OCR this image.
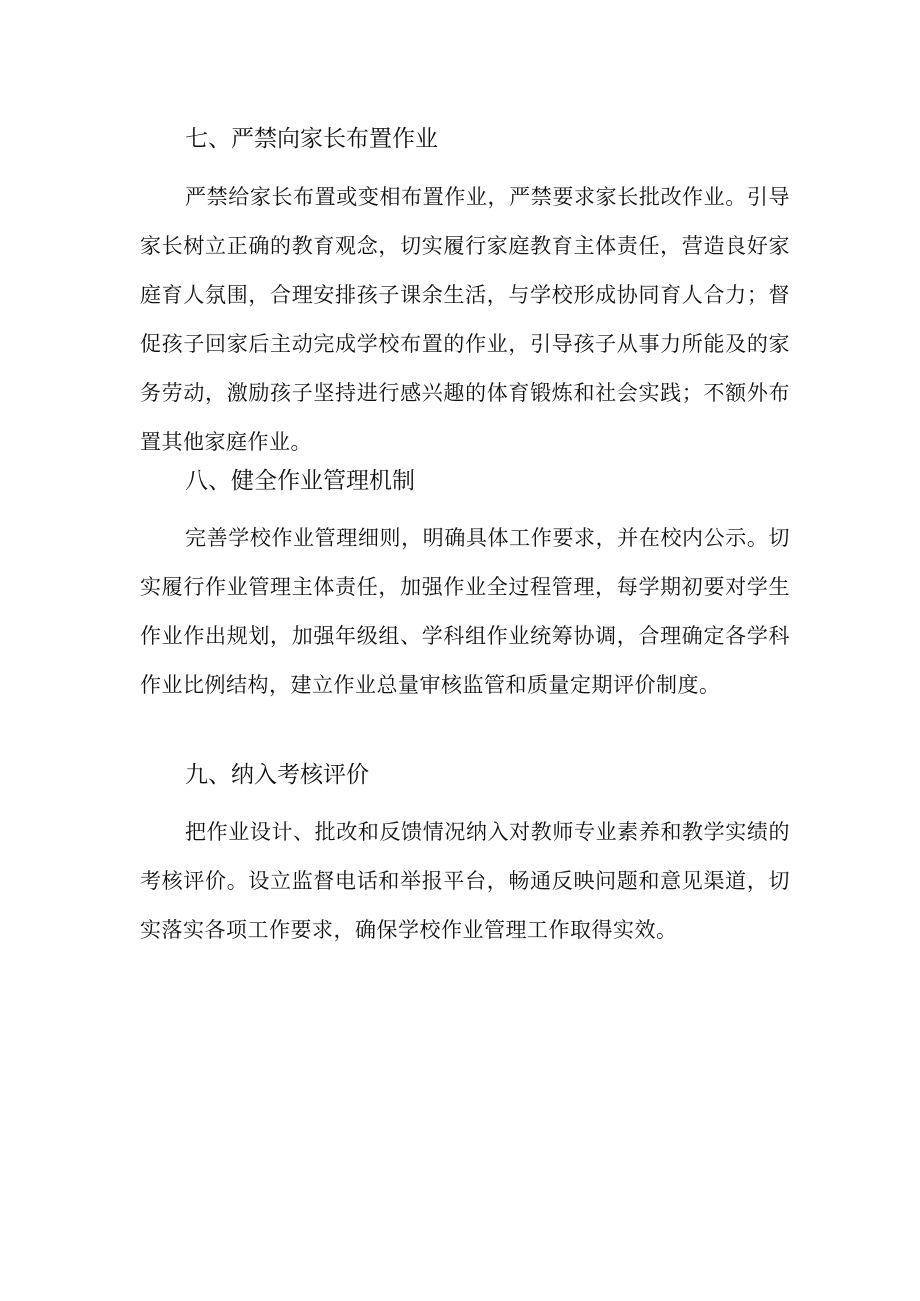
七、严禁向家长布置作业

严禁给家长布置或变相布置作业，严禁要求家长批改作业。引导家长树立正确的教育观念，切实履行家庭教育主体责任，营造良好家庭育人氛围，合理安排孩子课余生活，与学校形成协同育人合力；督促孩子回家后主动完成学校布置的作业，引导孩子从事力所能及的家务劳动，激励孩子坚持进行感兴趣的体育锻炼和社会实践；不额外布置其他家庭作业。

八、健全作业管理机制

完善学校作业管理细则，明确具体工作要求，并在校内公示。切实履行作业管理主体责任，加强作业全过程管理，每学期初要对学生作业作出规划，加强年级组、学科组作业统筹协调，合理确定各学科作业比例结构，建立作业总量审核监管和质量定期评价制度。

九、纳入考核评价

把作业设计、批改和反馈情况纳入对教师专业素养和教学实绩的考核评价。设立监督电话和举报平台，畅通反映问题和意见渠道，切实落实各项工作要求，确保学校作业管理工作取得实效。
